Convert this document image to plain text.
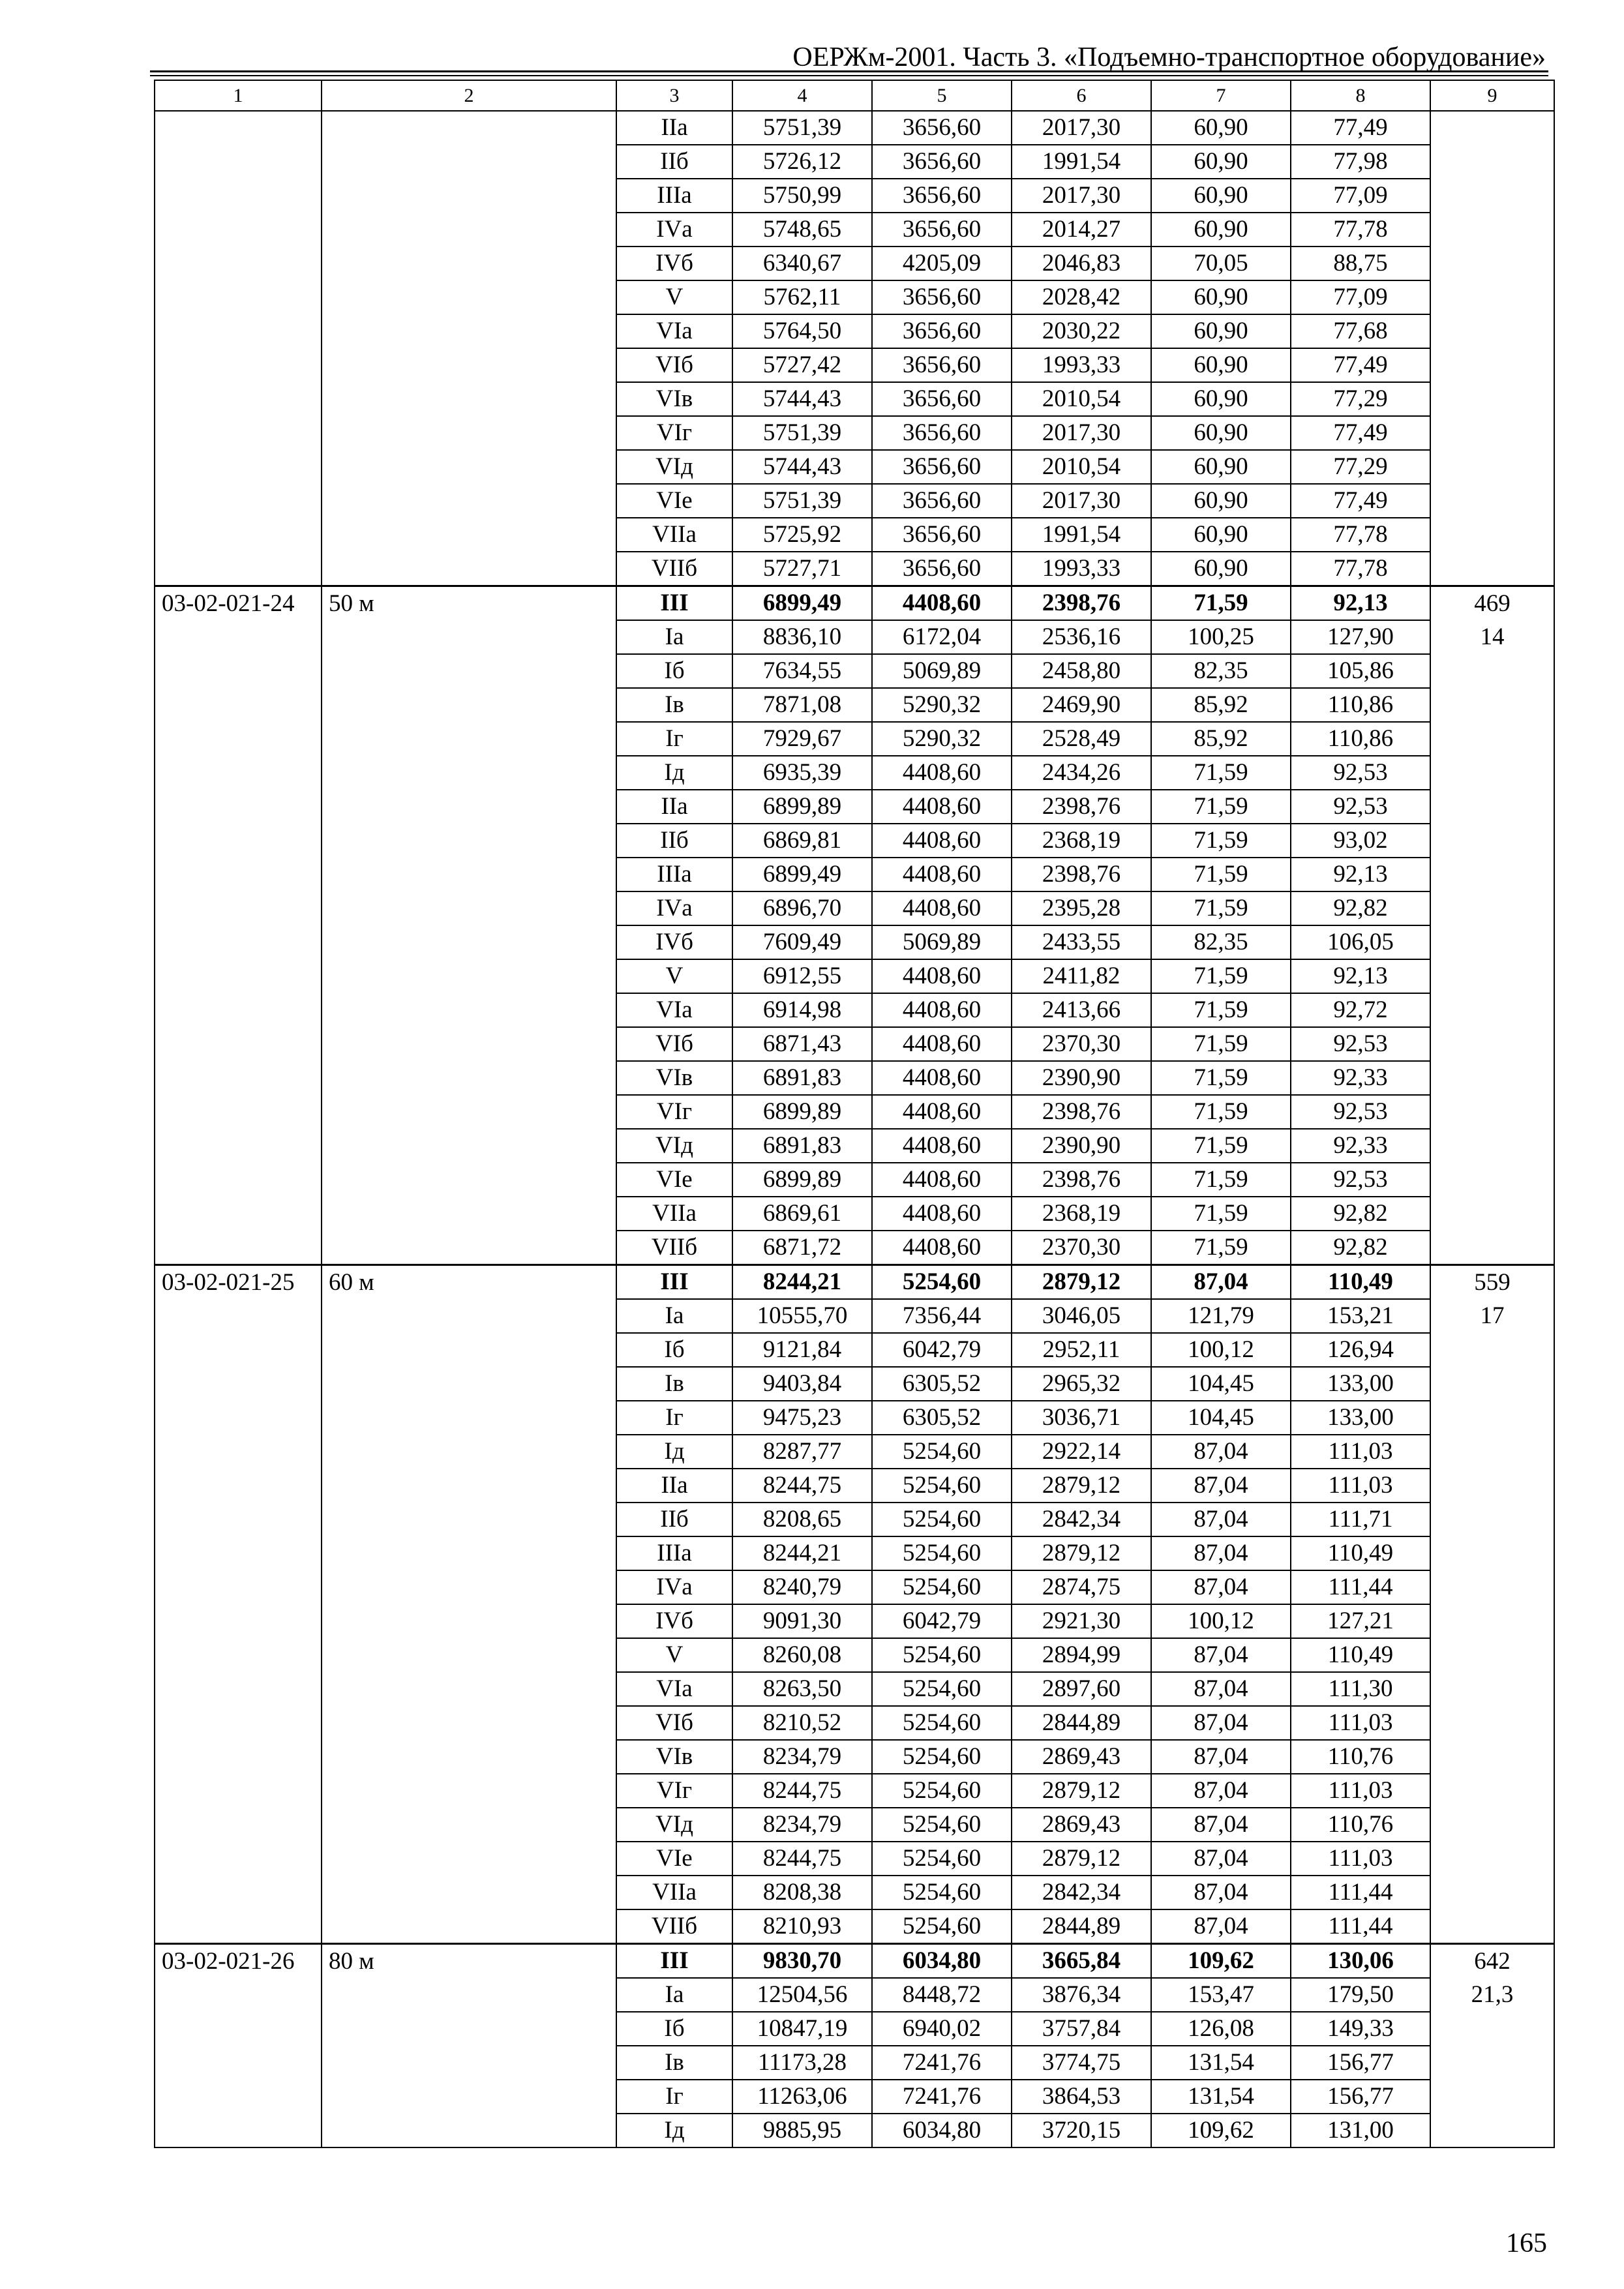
ОЕРЖм-2001. Часть 3. «Подъемно-транспортное оборудование»
1	2	3	4	5	6	7	8	9
		IIа	5751,39	3656,60	2017,30	60,90	77,49	
		IIб	5726,12	3656,60	1991,54	60,90	77,98	
		IIIа	5750,99	3656,60	2017,30	60,90	77,09	
		IVа	5748,65	3656,60	2014,27	60,90	77,78	
		IVб	6340,67	4205,09	2046,83	70,05	88,75	
		V	5762,11	3656,60	2028,42	60,90	77,09	
		VIа	5764,50	3656,60	2030,22	60,90	77,68	
		VIб	5727,42	3656,60	1993,33	60,90	77,49	
		VIв	5744,43	3656,60	2010,54	60,90	77,29	
		VIг	5751,39	3656,60	2017,30	60,90	77,49	
		VIд	5744,43	3656,60	2010,54	60,90	77,29	
		VIе	5751,39	3656,60	2017,30	60,90	77,49	
		VIIа	5725,92	3656,60	1991,54	60,90	77,78	
		VIIб	5727,71	3656,60	1993,33	60,90	77,78	
03-02-021-24	50 м	III	6899,49	4408,60	2398,76	71,59	92,13	469
		Iа	8836,10	6172,04	2536,16	100,25	127,90	14
		Iб	7634,55	5069,89	2458,80	82,35	105,86	
		Iв	7871,08	5290,32	2469,90	85,92	110,86	
		Iг	7929,67	5290,32	2528,49	85,92	110,86	
		Iд	6935,39	4408,60	2434,26	71,59	92,53	
		IIа	6899,89	4408,60	2398,76	71,59	92,53	
		IIб	6869,81	4408,60	2368,19	71,59	93,02	
		IIIа	6899,49	4408,60	2398,76	71,59	92,13	
		IVа	6896,70	4408,60	2395,28	71,59	92,82	
		IVб	7609,49	5069,89	2433,55	82,35	106,05	
		V	6912,55	4408,60	2411,82	71,59	92,13	
		VIа	6914,98	4408,60	2413,66	71,59	92,72	
		VIб	6871,43	4408,60	2370,30	71,59	92,53	
		VIв	6891,83	4408,60	2390,90	71,59	92,33	
		VIг	6899,89	4408,60	2398,76	71,59	92,53	
		VIд	6891,83	4408,60	2390,90	71,59	92,33	
		VIе	6899,89	4408,60	2398,76	71,59	92,53	
		VIIа	6869,61	4408,60	2368,19	71,59	92,82	
		VIIб	6871,72	4408,60	2370,30	71,59	92,82	
03-02-021-25	60 м	III	8244,21	5254,60	2879,12	87,04	110,49	559
		Iа	10555,70	7356,44	3046,05	121,79	153,21	17
		Iб	9121,84	6042,79	2952,11	100,12	126,94	
		Iв	9403,84	6305,52	2965,32	104,45	133,00	
		Iг	9475,23	6305,52	3036,71	104,45	133,00	
		Iд	8287,77	5254,60	2922,14	87,04	111,03	
		IIа	8244,75	5254,60	2879,12	87,04	111,03	
		IIб	8208,65	5254,60	2842,34	87,04	111,71	
		IIIа	8244,21	5254,60	2879,12	87,04	110,49	
		IVа	8240,79	5254,60	2874,75	87,04	111,44	
		IVб	9091,30	6042,79	2921,30	100,12	127,21	
		V	8260,08	5254,60	2894,99	87,04	110,49	
		VIа	8263,50	5254,60	2897,60	87,04	111,30	
		VIб	8210,52	5254,60	2844,89	87,04	111,03	
		VIв	8234,79	5254,60	2869,43	87,04	110,76	
		VIг	8244,75	5254,60	2879,12	87,04	111,03	
		VIд	8234,79	5254,60	2869,43	87,04	110,76	
		VIе	8244,75	5254,60	2879,12	87,04	111,03	
		VIIа	8208,38	5254,60	2842,34	87,04	111,44	
		VIIб	8210,93	5254,60	2844,89	87,04	111,44	
03-02-021-26	80 м	III	9830,70	6034,80	3665,84	109,62	130,06	642
		Iа	12504,56	8448,72	3876,34	153,47	179,50	21,3
		Iб	10847,19	6940,02	3757,84	126,08	149,33	
		Iв	11173,28	7241,76	3774,75	131,54	156,77	
		Iг	11263,06	7241,76	3864,53	131,54	156,77	
		Iд	9885,95	6034,80	3720,15	109,62	131,00	
165
